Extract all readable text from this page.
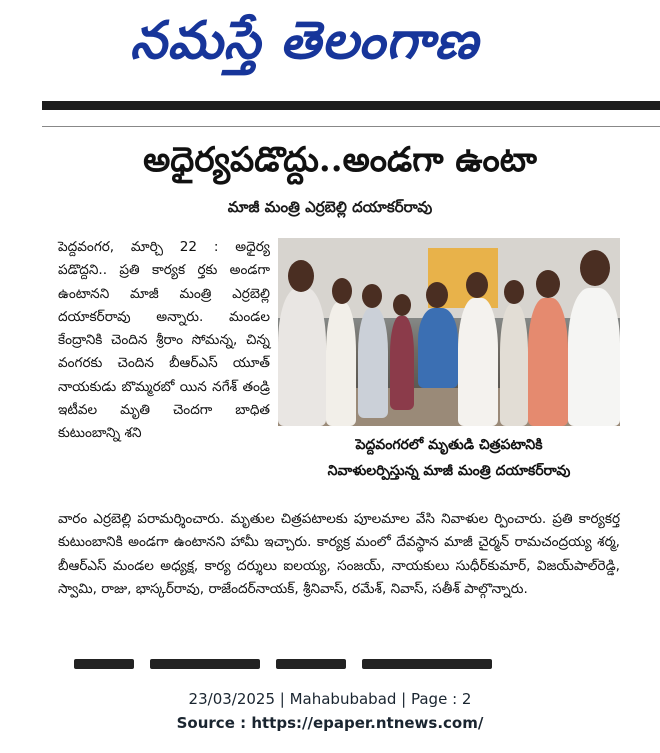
నమస్తే తెలంగాణ
అధైర్యపడొద్దు..అండగా ఉంటా
మాజీ మంత్రి ఎర్రబెల్లి దయాకర్‌రావు

పెద్దవంగర, మార్చి 22 : అధైర్య పడొద్దని.. ప్రతి కార్యక ర్తకు అండగా ఉంటానని మాజీ మంత్రి ఎర్రబెల్లి దయాకర్‌రావు అన్నారు. మండల కేంద్రానికి చెందిన శ్రీరాం సోమన్న, చిన్న వంగరకు చెందిన బీఆర్‌ఎస్‌ యూత్‌ నాయకుడు బొమ్మరబో యిన నగేశ్‌ తండ్రి ఇటీవల మృతి చెందగా బాధిత కుటుంబాన్ని శని

పెద్దవంగరలో మృతుడి చిత్రపటానికి
నివాళులర్పిస్తున్న మాజీ మంత్రి దయాకర్‌రావు

వారం ఎర్రబెల్లి పరామర్శించారు. మృతుల చిత్రపటాలకు పూలమాల వేసి నివాళుల ర్పించారు. ప్రతి కార్యకర్త కుటుంబానికి అండగా ఉంటానని హామీ ఇచ్చారు. కార్యక్ర మంలో దేవస్థాన మాజీ చైర్మన్‌ రామచంద్రయ్య శర్మ, బీఆర్‌ఎస్‌ మండల అధ్యక్ష, కార్య దర్శులు ఐలయ్య, సంజయ్‌, నాయకులు సుధీర్‌కుమార్‌, విజయ్‌పాల్‌రెడ్డి, స్వామి, రాజు, భాస్కర్‌రావు, రాజేందర్‌నాయక్‌, శ్రీనివాస్‌, రమేశ్‌, నివాస్‌, సతీశ్‌ పాల్గొన్నారు.

23/03/2025 | Mahabubabad | Page : 2
Source : https://epaper.ntnews.com/
